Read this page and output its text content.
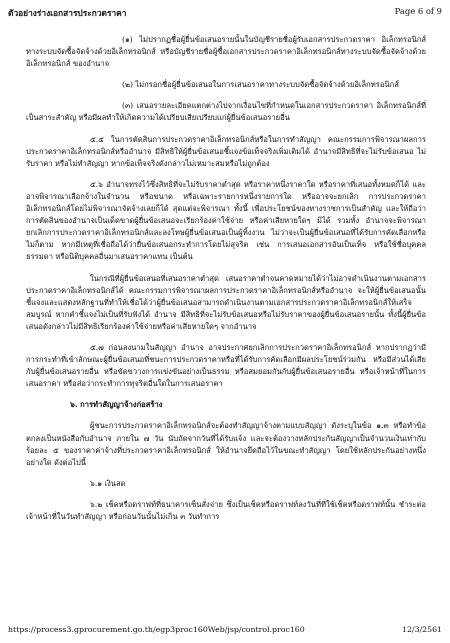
ตัวอย่างร่างเอกสารประกวดราคา	Page 6 of 9

(๑) ไม่ปรากฏชื่อผู้ยื่นข้อเสนอรายนั้นในบัญชีรายชื่อผู้รับเอกสารประกวดราคา อิเล็กทรอนิกส์ทางระบบจัดซื้อจัดจ้างด้วยอิเล็กทรอนิกส์ หรือบัญชีรายชื่อผู้ซื้อเอกสารประกวดราคาอิเล็กทรอนิกส์ทางระบบจัดซื้อจัดจ้างด้วยอิเล็กทรอนิกส์ ของอำนาจ

(๒) ไม่กรอกชื่อผู้ยื่นข้อเสนอในการเสนอราคาทางระบบจัดซื้อจัดจ้างด้วยอิเล็กทรอนิกส์

(๓) เสนอรายละเอียดแตกต่างไปจากเงื่อนไขที่กำหนดในเอกสารประกวดราคา อิเล็กทรอนิกส์ที่เป็นสาระสำคัญ หรือมีผลทำให้เกิดความได้เปรียบเสียเปรียบแก่ผู้ยื่นข้อเสนอรายอื่น

๕.๕ ในการตัดสินการประกวดราคาอิเล็กทรอนิกส์หรือในการทำสัญญา คณะกรรมการพิจารณาผลการประกวดราคาอิเล็กทรอนิกส์หรืออำนาจ มีสิทธิให้ผู้ยื่นข้อเสนอชี้แจงข้อเท็จจริงเพิ่มเติมได้ อำนาจมีสิทธิที่จะไม่รับข้อเสนอ ไม่รับราคา หรือไม่ทำสัญญา หากข้อเท็จจริงดังกล่าวไม่เหมาะสมหรือไม่ถูกต้อง

๕.๖ อำนาจทรงไว้ซึ่งสิทธิที่จะไม่รับราคาต่ำสุด หรือราคาหนึ่งราคาใด หรือราคาที่เสนอทั้งหมดก็ได้ และอาจพิจารณาเลือกจ้างในจำนวน หรือขนาด หรือเฉพาะรายการหนึ่งรายการใด หรืออาจจะยกเลิก การประกวดราคาอิเล็กทรอนิกส์โดยไม่พิจารณาจัดจ้างเลยก็ได้ สุดแต่จะพิจารณา ทั้งนี้ เพื่อประโยชน์ของทางราชการเป็นสำคัญ และให้ถือว่าการตัดสินของอำนาจเป็นเด็ดขาดผู้ยื่นข้อเสนอจะเรียกร้องค่าใช้จ่าย หรือค่าเสียหายใดๆ มิได้ รวมทั้ง อำนาจจะพิจารณายกเลิกการประกวดราคาอิเล็กทรอนิกส์และลงโทษผู้ยื่นข้อเสนอเป็นผู้ทิ้งงาน ไม่ว่าจะเป็นผู้ยื่นข้อเสนอที่ได้รับการคัดเลือกหรือไม่ก็ตาม หากมีเหตุที่เชื่อถือได้ว่ายื่นข้อเสนอกระทำการโดยไม่สุจริต เช่น การเสนอเอกสารอันเป็นเท็จ หรือใช้ชื่อบุคคลธรรมดา หรือนิติบุคคลอื่นมาเสนอราคาแทน เป็นต้น

ในกรณีที่ผู้ยื่นข้อเสนอที่เสนอราคาต่ำสุด เสนอราคาต่ำจนคาดหมายได้ว่าไม่อาจดำเนินงานตามเอกสารประกวดราคาอิเล็กทรอนิกส์ได้ คณะกรรมการพิจารณาผลการประกวดราคาอิเล็กทรอนิกส์หรืออำนาจ จะให้ผู้ยื่นข้อเสนอนั้นชี้แจงและแสดงหลักฐานที่ทำให้เชื่อได้ว่าผู้ยื่นข้อเสนอสามารถดำเนินงานตามเอกสารประกวดราคาอิเล็กทรอนิกส์ให้เสร็จสมบูรณ์ หากคำชี้แจงไม่เป็นที่รับฟังได้ อำนาจ มีสิทธิที่จะไม่รับข้อเสนอหรือไม่รับราคาของผู้ยื่นข้อเสนอรายนั้น ทั้งนี้ผู้ยื่นข้อเสนอดังกล่าวไม่มีสิทธิเรียกร้องค่าใช้จ่ายหรือค่าเสียหายใดๆ จากอำนาจ

๕.๗ ก่อนลงนามในสัญญา อำนาจ อาจประกาศยกเลิกการประกวดราคาอิเล็กทรอนิกส์ หากปรากฏว่ามีการกระทำที่เข้าลักษณะผู้ยื่นข้อเสนอที่ชนะการประกวดราคาหรือที่ได้รับการคัดเลือกมีผลประโยชน์ร่วมกัน หรือมีส่วนได้เสียกับผู้ยื่นข้อเสนอรายอื่น หรือขัดขวางการแข่งขันอย่างเป็นธรรม หรือสมยอมกันกับผู้ยื่นข้อเสนอรายอื่น หรือเจ้าหน้าที่ในการเสนอราคา หรือส่อว่ากระทำการทุจริตอื่นใดในการเสนอราคา

๖. การทำสัญญาจ้างก่อสร้าง

ผู้ชนะการประกวดราคาอิเล็กทรอนิกส์จะต้องทำสัญญาจ้างตามแบบสัญญา ดังระบุในข้อ ๑.๓ หรือทำข้อตกลงเป็นหนังสือกับอำนาจ ภายใน ๗ วัน นับถัดจากวันที่ได้รับแจ้ง และจะต้องวางหลักประกันสัญญาเป็นจำนวนเงินเท่ากับร้อยละ ๕ ของราคาค่าจ้างที่ประกวดราคาอิเล็กทรอนิกส์ ให้อำนาจยึดถือไว้ในขณะทำสัญญา โดยใช้หลักประกันอย่างหนึ่งอย่างใด ดังต่อไปนี้

๖.๑ เงินสด

๖.๒ เช็คหรือดราฟท์ที่ธนาคารเซ็นสั่งจ่าย ซึ่งเป็นเช็คหรือดราฟท์ลงวันที่ที่ใช้เช็คหรือดราฟท์นั้น ชำระต่อเจ้าหน้าที่ในวันทำสัญญา หรือก่อนวันนั้นไม่เกิน ๓ วันทำการ

https://process3.gprocurement.go.th/egp3proc160Web/jsp/control.proc160	12/3/2561
